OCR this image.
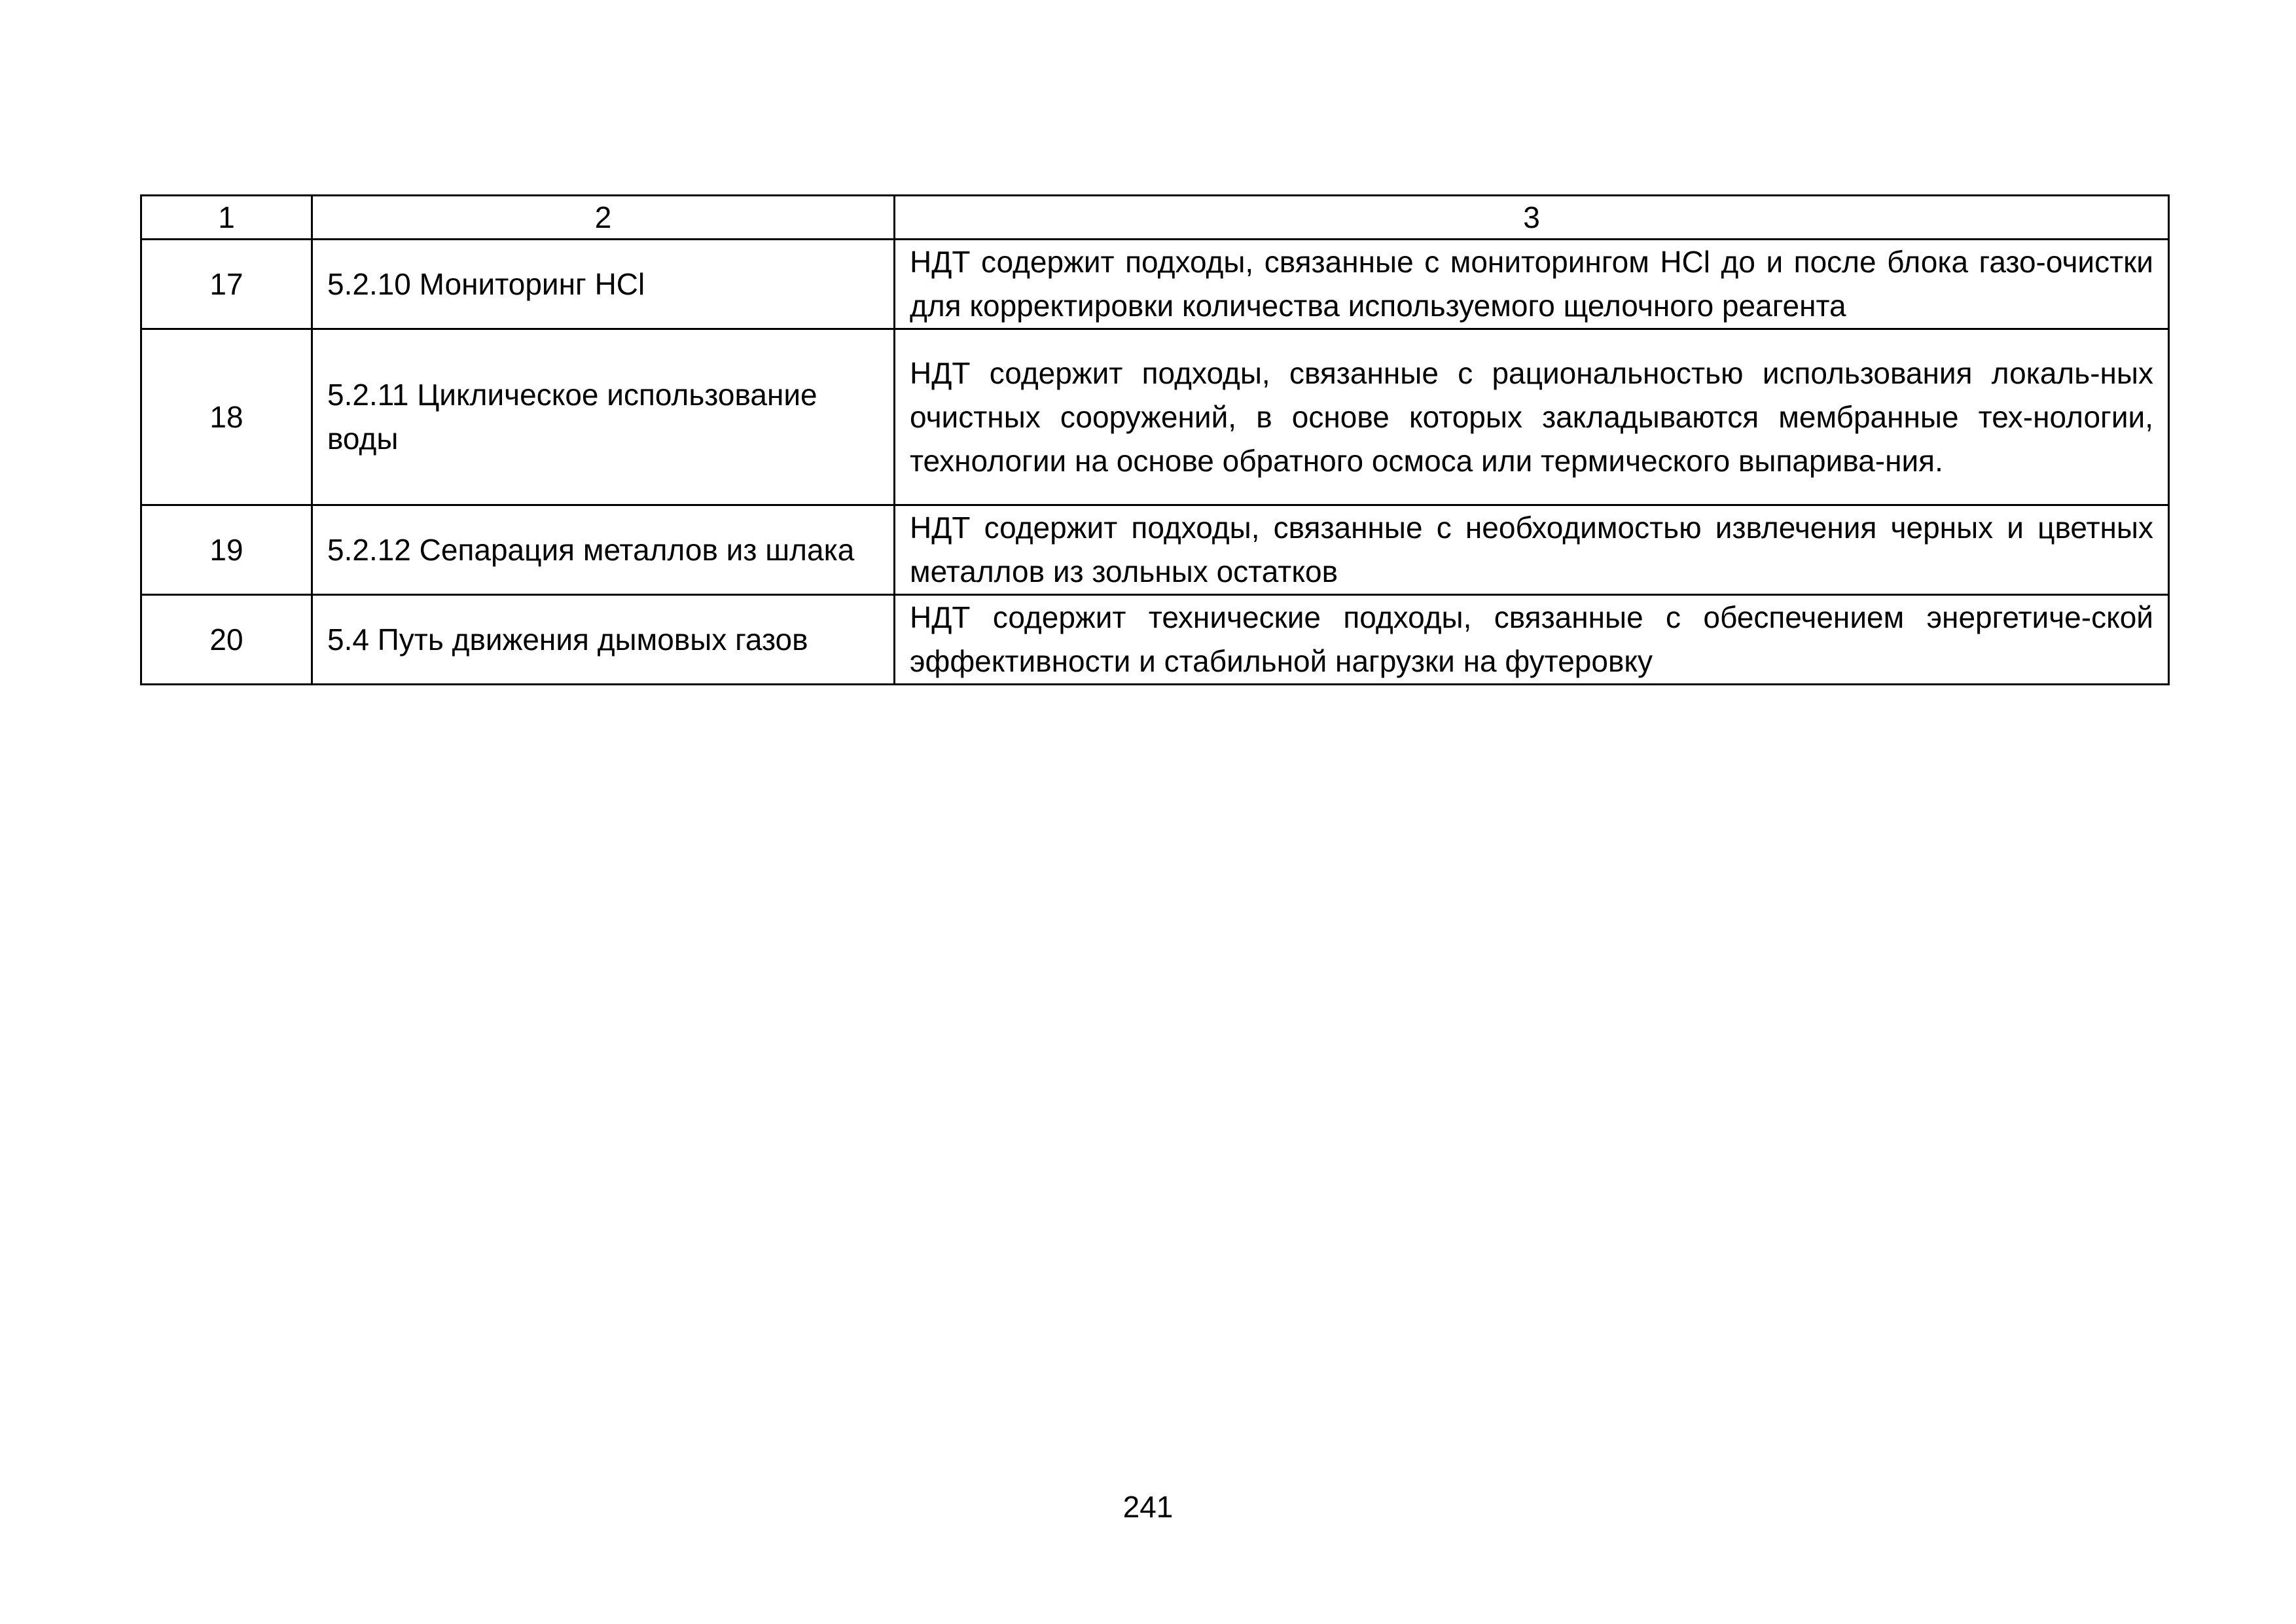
1	2	3
17	5.2.10 Мониторинг HCl	НДТ содержит подходы, связанные с мониторингом HCl до и после блока газо-очистки для корректировки количества используемого щелочного реагента
18	5.2.11 Циклическое использование воды	НДТ содержит подходы, связанные с рациональностью использования локаль-ных очистных сооружений, в основе которых закладываются мембранные тех-нологии, технологии на основе обратного осмоса или термического выпарива-ния.
19	5.2.12 Сепарация металлов из шлака	НДТ содержит подходы, связанные с необходимостью извлечения черных и цветных металлов из зольных остатков
20	5.4 Путь движения дымовых газов	НДТ содержит технические подходы, связанные с обеспечением энергетиче-ской эффективности и стабильной нагрузки на футеровку
241
